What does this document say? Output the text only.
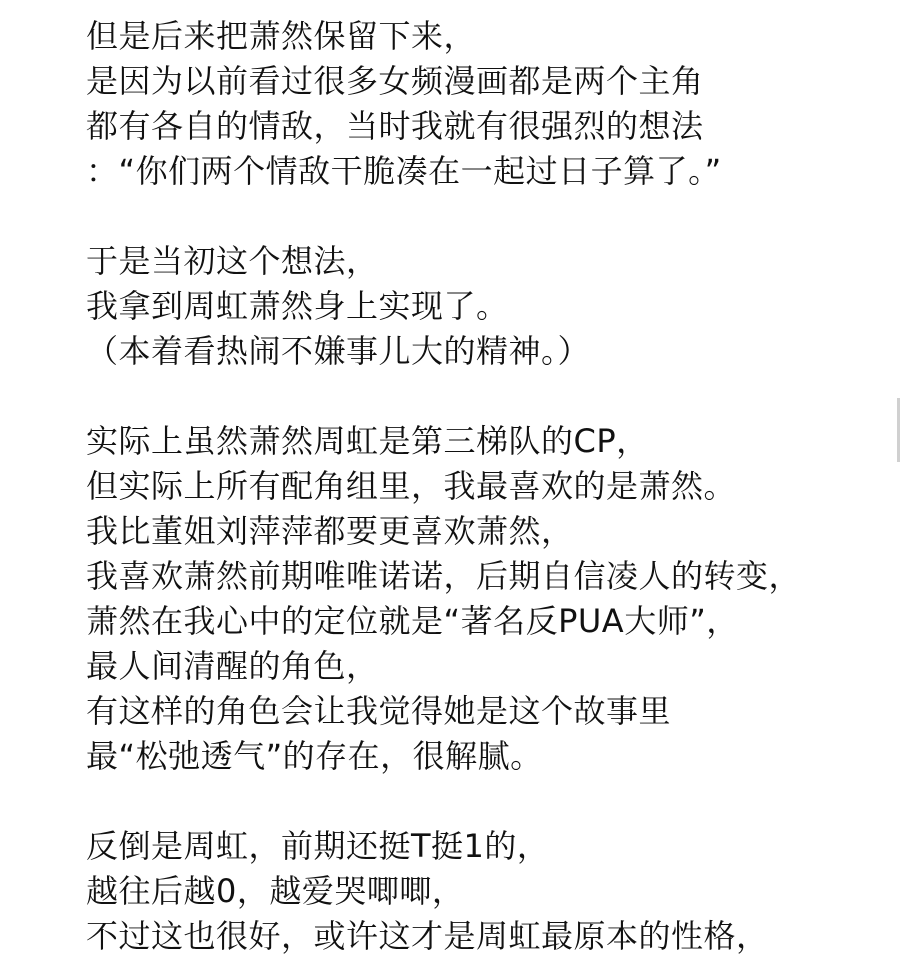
但是后来把萧然保留下来，
是因为以前看过很多女频漫画都是两个主角
都有各自的情敌，当时我就有很强烈的想法
：“你们两个情敌干脆凑在一起过日子算了。”
于是当初这个想法，
我拿到周虹萧然身上实现了。
（本着看热闹不嫌事儿大的精神。）
实际上虽然萧然周虹是第三梯队的CP，
但实际上所有配角组里，我最喜欢的是萧然。
我比董姐刘萍萍都要更喜欢萧然，
我喜欢萧然前期唯唯诺诺，后期自信凌人的转变，
萧然在我心中的定位就是“著名反PUA大师”，
最人间清醒的角色，
有这样的角色会让我觉得她是这个故事里
最“松弛透气”的存在，很解腻。
反倒是周虹，前期还挺T挺1的，
越往后越0，越爱哭唧唧，
不过这也很好，或许这才是周虹最原本的性格，
